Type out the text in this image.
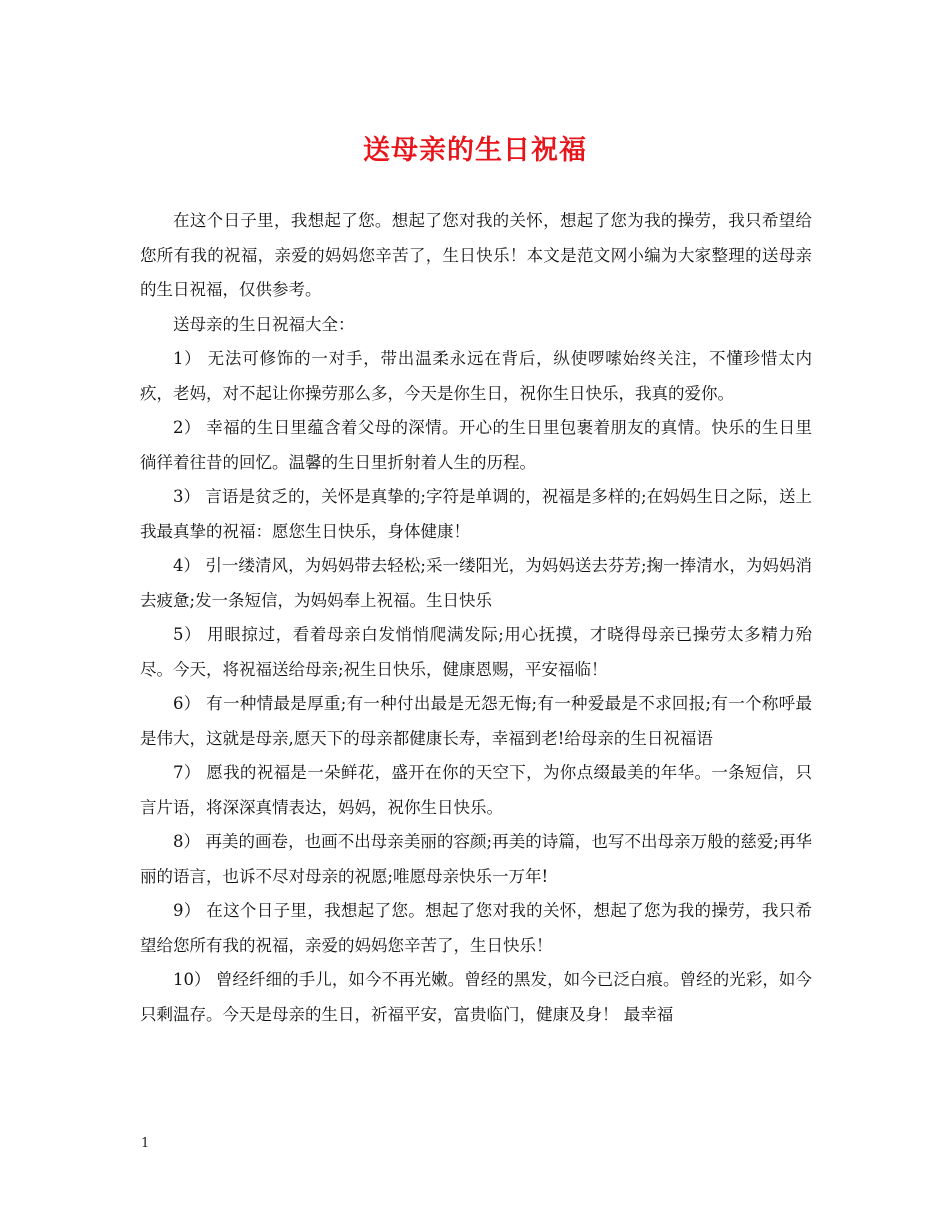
送母亲的生日祝福

在这个日子里，我想起了您。想起了您对我的关怀，想起了您为我的操劳，我只希望给您所有我的祝福，亲爱的妈妈您辛苦了，生日快乐！本文是范文网小编为大家整理的送母亲的生日祝福，仅供参考。

送母亲的生日祝福大全：

1） 无法可修饰的一对手，带出温柔永远在背后，纵使啰嗦始终关注，不懂珍惜太内疚，老妈，对不起让你操劳那么多，今天是你生日，祝你生日快乐，我真的爱你。

2） 幸福的生日里蕴含着父母的深情。开心的生日里包裹着朋友的真情。快乐的生日里徜徉着往昔的回忆。温馨的生日里折射着人生的历程。

3） 言语是贫乏的，关怀是真挚的;字符是单调的，祝福是多样的;在妈妈生日之际，送上我最真挚的祝福：愿您生日快乐，身体健康！

4） 引一缕清风，为妈妈带去轻松;采一缕阳光，为妈妈送去芬芳;掬一捧清水，为妈妈消去疲惫;发一条短信，为妈妈奉上祝福。生日快乐

5） 用眼掠过，看着母亲白发悄悄爬满发际;用心抚摸，才晓得母亲已操劳太多精力殆尽。今天，将祝福送给母亲;祝生日快乐，健康恩赐，平安福临！

6） 有一种情最是厚重;有一种付出最是无怨无悔;有一种爱最是不求回报;有一个称呼最是伟大，这就是母亲,愿天下的母亲都健康长寿，幸福到老!给母亲的生日祝福语

7） 愿我的祝福是一朵鲜花，盛开在你的天空下，为你点缀最美的年华。一条短信，只言片语，将深深真情表达，妈妈，祝你生日快乐。

8） 再美的画卷，也画不出母亲美丽的容颜;再美的诗篇，也写不出母亲万般的慈爱;再华丽的语言，也诉不尽对母亲的祝愿;唯愿母亲快乐一万年!

9） 在这个日子里，我想起了您。想起了您对我的关怀，想起了您为我的操劳，我只希望给您所有我的祝福，亲爱的妈妈您辛苦了，生日快乐！

10） 曾经纤细的手儿，如今不再光嫩。曾经的黑发，如今已泛白痕。曾经的光彩，如今只剩温存。今天是母亲的生日，祈福平安，富贵临门，健康及身！ 最幸福

1
